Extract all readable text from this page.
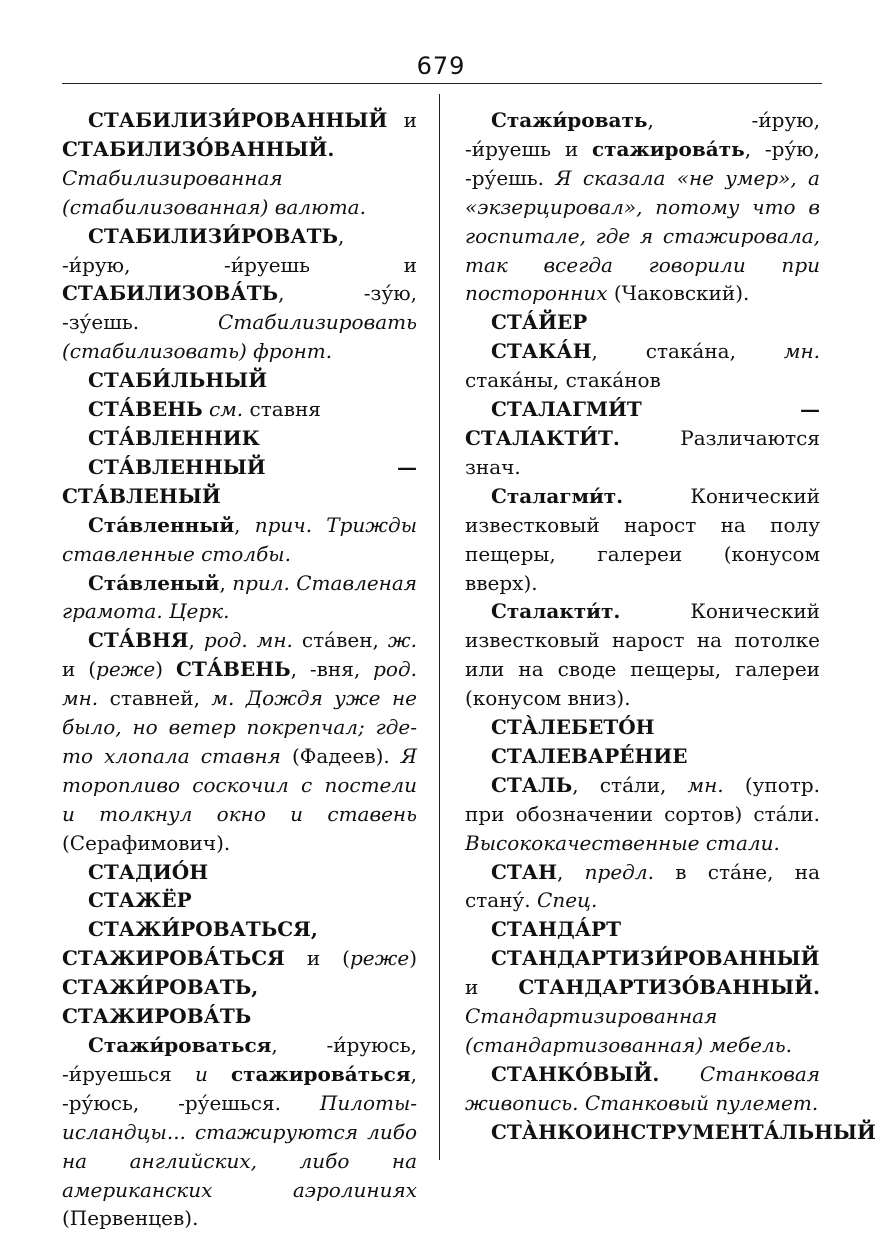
679

СТАБИЛИЗИ́РОВАННЫЙ и СТАБИЛИЗО́ВАННЫЙ. Стабилизированная (стабилизованная) валюта.

СТАБИЛИЗИ́РОВАТЬ, -и́рую, -и́руешь и СТАБИЛИЗОВА́ТЬ, -зу́ю, -зу́ешь. Стабилизировать (стабилизовать) фронт.

СТАБИ́ЛЬНЫЙ

СТА́ВЕНЬ см. ставня

СТА́ВЛЕННИК

СТА́ВЛЕННЫЙ — СТА́ВЛЕНЫЙ

Ста́вленный, прич. Трижды ставленные столбы.

Ста́вленый, прил. Ставленая грамота. Церк.

СТА́ВНЯ, род. мн. ста́вен, ж. и (реже) СТА́ВЕНЬ, -вня, род. мн. ставней, м. Дождя уже не было, но ветер покрепчал; где-то хлопала ставня (Фадеев). Я торопливо соскочил с постели и толкнул окно и ставень (Серафимович).

СТАДИО́Н

СТАЖЁР

СТАЖИ́РОВАТЬСЯ, СТАЖИРОВА́ТЬСЯ и (реже) СТАЖИ́РОВАТЬ, СТАЖИРОВА́ТЬ

Стажи́роваться, -и́руюсь, -и́руешься и стажирова́ться, -ру́юсь, -ру́ешься. Пилоты-исландцы... стажируются либо на английских, либо на американских аэролиниях (Первенцев).

Стажи́ровать, -и́рую, -и́руешь и стажирова́ть, -ру́ю, -ру́ешь. Я сказала «не умер», а «экзерцировал», потому что в госпитале, где я стажировала, так всегда говорили при посторонних (Чаковский).

СТА́ЙЕР

СТАКА́Н, стака́на, мн. стака́ны, стака́нов

СТАЛАГМИ́Т — СТАЛАКТИ́Т. Различаются знач.

Сталагми́т. Конический известковый нарост на полу пещеры, галереи (конусом вверх).

Сталакти́т. Конический известковый нарост на потолке или на своде пещеры, галереи (конусом вниз).

СТА̀ЛЕБЕТО́Н

СТАЛЕВАРЕ́НИЕ

СТАЛЬ, ста́ли, мн. (употр. при обозначении сортов) ста́ли. Высококачественные стали.

СТАН, предл. в ста́не, на стану́. Спец.

СТАНДА́РТ

СТАНДАРТИЗИ́РОВАННЫЙ и СТАНДАРТИЗО́ВАННЫЙ. Стандартизированная (стандартизованная) мебель.

СТАНКО́ВЫЙ. Станковая живопись. Станковый пулемет.

СТА̀НКОИНСТРУМЕНТА́ЛЬНЫЙ
